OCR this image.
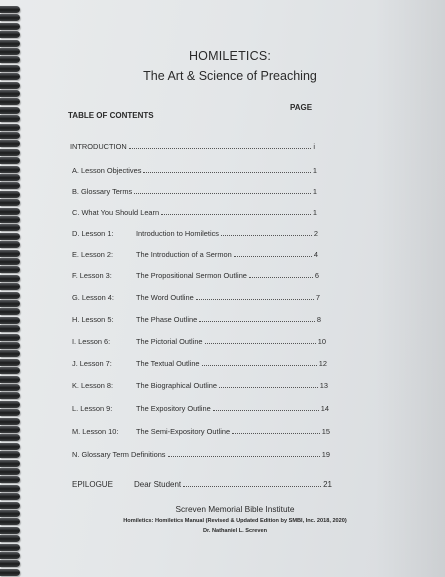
HOMILETICS:
The Art & Science of Preaching
TABLE OF CONTENTS
PAGE
INTRODUCTION	i
A. Lesson Objectives	1
B. Glossary Terms	1
C. What You Should Learn	1
D. Lesson 1:	Introduction to Homiletics	2
E. Lesson 2:	The Introduction of a Sermon	4
F. Lesson 3:	The Propositional Sermon Outline	6
G. Lesson 4:	The Word Outline	7
H. Lesson 5:	The Phase Outline	8
I. Lesson 6:	The Pictorial Outline	10
J. Lesson 7:	The Textual Outline	12
K. Lesson 8:	The Biographical Outline	13
L. Lesson 9:	The Expository Outline	14
M. Lesson 10:	The Semi-Expository Outline	15
N. Glossary Term Definitions	19
EPILOGUE	Dear Student	21
Screven Memorial Bible Institute
Homiletics: Homiletics Manual (Revised & Updated Edition by SMBI, Inc. 2018, 2020)
Dr. Nathaniel L. Screven
